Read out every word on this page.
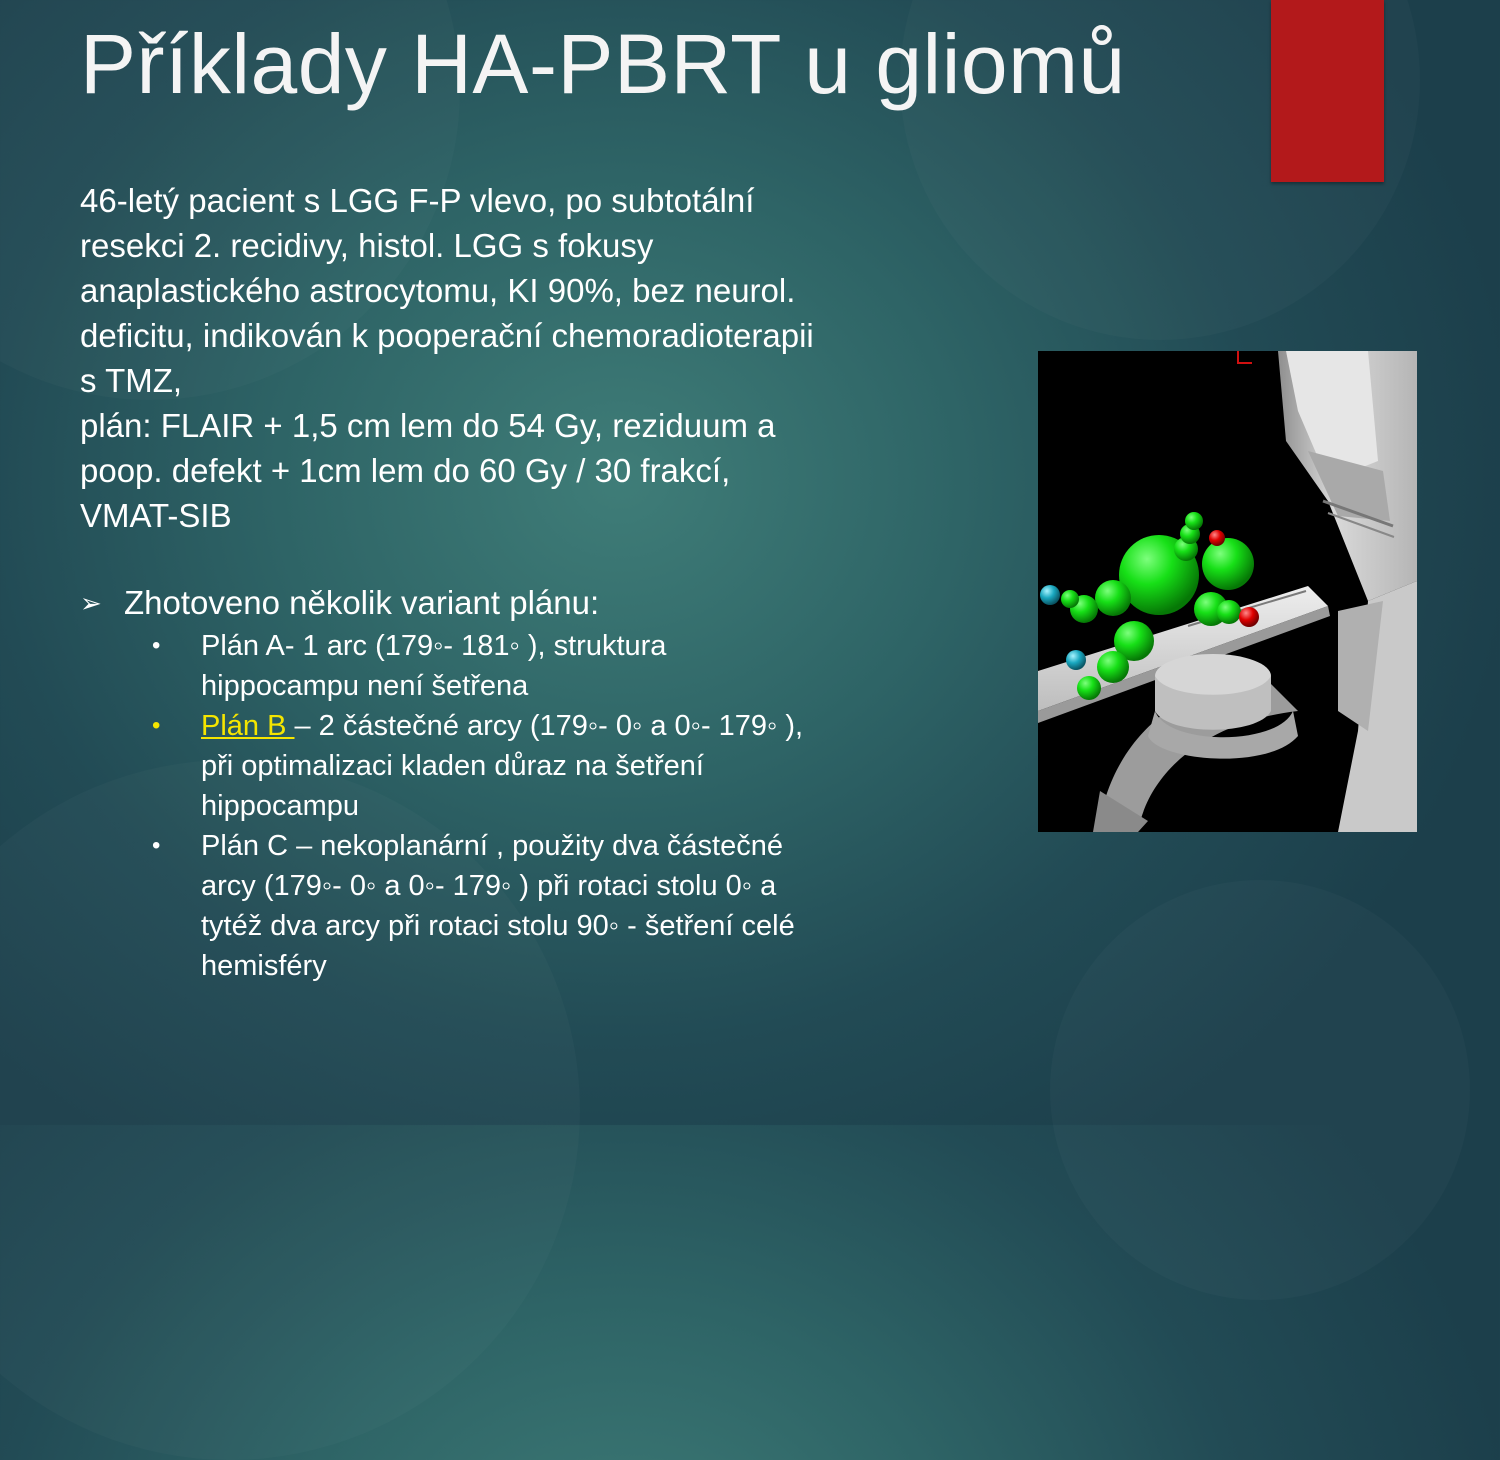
Příklady HA-PBRT u gliomů

46-letý pacient s LGG F-P vlevo, po subtotální

resekci 2. recidivy, histol. LGG s fokusy

anaplastického astrocytomu, KI 90%, bez neurol.

deficitu, indikován k pooperační chemoradioterapii

s TMZ,

plán: FLAIR + 1,5 cm lem do 54 Gy, reziduum a

poop. defekt + 1cm lem do 60 Gy / 30 frakcí,

VMAT-SIB

➢ Zhotoveno několik variant plánu:
• Plán A- 1 arc (179◦- 181◦ ), struktura
hippocampu není šetřena
• Plán B – 2 částečné arcy (179◦- 0◦ a 0◦- 179◦ ),
při optimalizaci kladen důraz na šetření
hippocampu
• Plán C – nekoplanární , použity dva částečné
arcy (179◦- 0◦ a 0◦- 179◦ ) při rotaci stolu 0◦ a
tytéž dva arcy při rotaci stolu 90◦ - šetření celé
hemisféry
